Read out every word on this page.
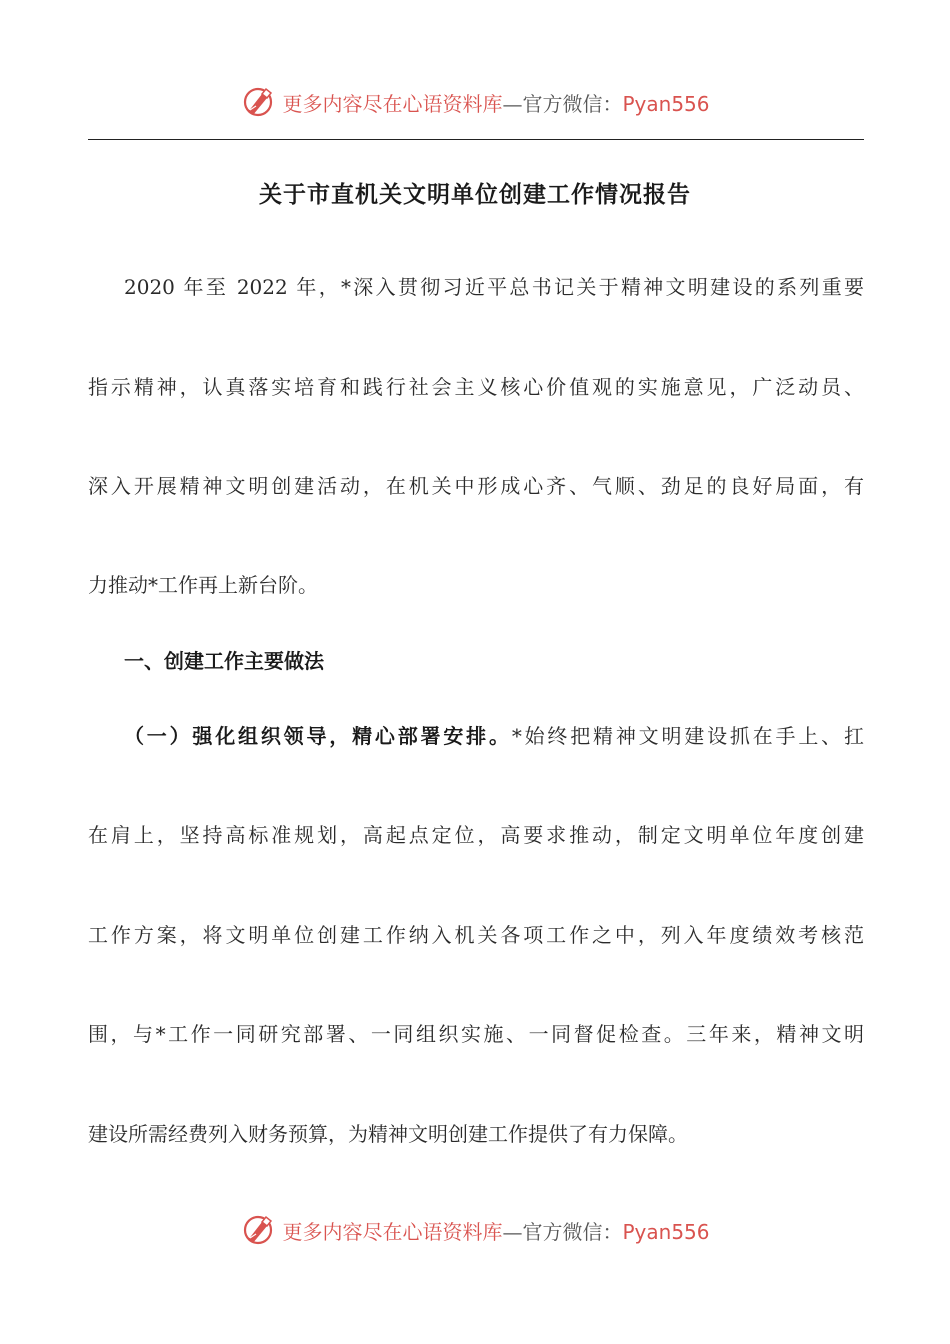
更多内容尽在心语资料库—官方微信：Pyan556
关于市直机关文明单位创建工作情况报告
2020 年至 2022 年，*深入贯彻习近平总书记关于精神文明建设的系列重要
指示精神，认真落实培育和践行社会主义核心价值观的实施意见，广泛动员、
深入开展精神文明创建活动，在机关中形成心齐、气顺、劲足的良好局面，有
力推动*工作再上新台阶。
一、创建工作主要做法
（一）强化组织领导，精心部署安排。*始终把精神文明建设抓在手上、扛
在肩上，坚持高标准规划，高起点定位，高要求推动，制定文明单位年度创建
工作方案，将文明单位创建工作纳入机关各项工作之中，列入年度绩效考核范
围，与*工作一同研究部署、一同组织实施、一同督促检查。三年来，精神文明
建设所需经费列入财务预算，为精神文明创建工作提供了有力保障。
更多内容尽在心语资料库—官方微信：Pyan556
